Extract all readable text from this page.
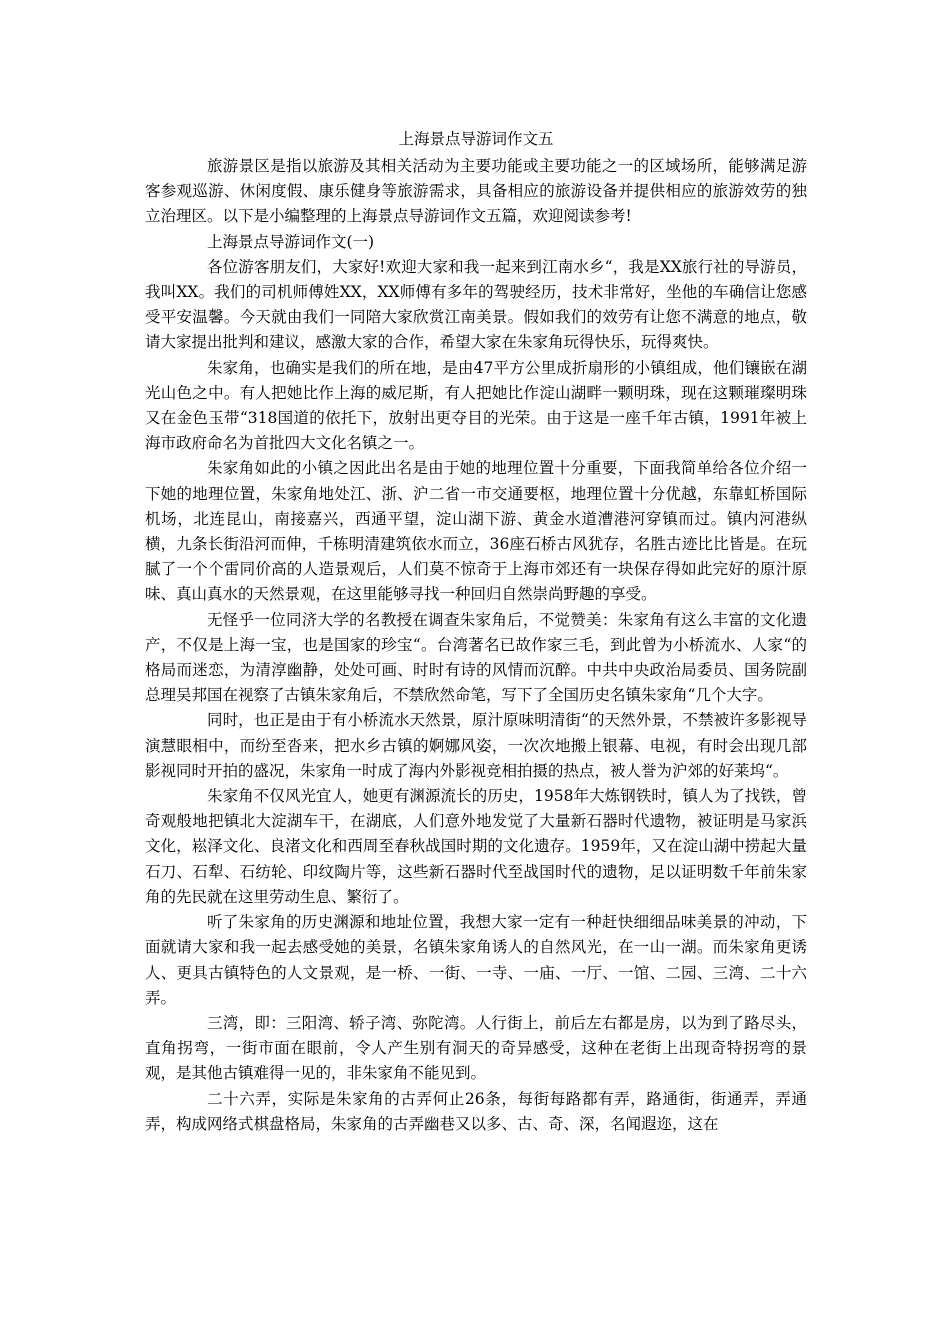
上海景点导游词作文五

旅游景区是指以旅游及其相关活动为主要功能或主要功能之一的区域场所，能够满足游客参观巡游、休闲度假、康乐健身等旅游需求，具备相应的旅游设备并提供相应的旅游效劳的独立治理区。以下是小编整理的上海景点导游词作文五篇，欢迎阅读参考!

上海景点导游词作文(一)

各位游客朋友们，大家好!欢迎大家和我一起来到江南水乡“，我是XX旅行社的导游员，我叫XX。我们的司机师傅姓XX，XX师傅有多年的驾驶经历，技术非常好，坐他的车确信让您感受平安温馨。今天就由我们一同陪大家欣赏江南美景。假如我们的效劳有让您不满意的地点，敬请大家提出批判和建议，感激大家的合作，希望大家在朱家角玩得快乐，玩得爽快。

朱家角，也确实是我们的所在地，是由47平方公里成折扇形的小镇组成，他们镶嵌在湖光山色之中。有人把她比作上海的威尼斯，有人把她比作淀山湖畔一颗明珠，现在这颗璀璨明珠又在金色玉带“318国道的依托下，放射出更夺目的光荣。由于这是一座千年古镇，1991年被上海市政府命名为首批四大文化名镇之一。

朱家角如此的小镇之因此出名是由于她的地理位置十分重要，下面我简单给各位介绍一下她的地理位置，朱家角地处江、浙、沪二省一市交通要枢，地理位置十分优越，东靠虹桥国际机场，北连昆山，南接嘉兴，西通平望，淀山湖下游、黄金水道漕港河穿镇而过。镇内河港纵横，九条长街沿河而伸，千栋明清建筑依水而立，36座石桥古风犹存，名胜古迹比比皆是。在玩腻了一个个雷同价高的人造景观后，人们莫不惊奇于上海市郊还有一块保存得如此完好的原汁原味、真山真水的天然景观，在这里能够寻找一种回归自然崇尚野趣的享受。

无怪乎一位同济大学的名教授在调查朱家角后，不觉赞美：朱家角有这么丰富的文化遗产，不仅是上海一宝，也是国家的珍宝“。台湾著名已故作家三毛，到此曾为小桥流水、人家“的格局而迷恋，为清淳幽静，处处可画、时时有诗的风情而沉醉。中共中央政治局委员、国务院副总理吴邦国在视察了古镇朱家角后，不禁欣然命笔，写下了全国历史名镇朱家角“几个大字。

同时，也正是由于有小桥流水天然景，原汁原味明清街“的天然外景，不禁被许多影视导演慧眼相中，而纷至沓来，把水乡古镇的婀娜风姿，一次次地搬上银幕、电视，有时会出现几部影视同时开拍的盛况，朱家角一时成了海内外影视竞相拍摄的热点，被人誉为沪郊的好莱坞“。

朱家角不仅风光宜人，她更有渊源流长的历史，1958年大炼钢铁时，镇人为了找铁，曾奇观般地把镇北大淀湖车干，在湖底，人们意外地发觉了大量新石器时代遗物，被证明是马家浜文化，崧泽文化、良渚文化和西周至春秋战国时期的文化遗存。1959年，又在淀山湖中捞起大量石刀、石犁、石纺轮、印纹陶片等，这些新石器时代至战国时代的遗物，足以证明数千年前朱家角的先民就在这里劳动生息、繁衍了。

听了朱家角的历史渊源和地址位置，我想大家一定有一种赶快细细品味美景的冲动，下面就请大家和我一起去感受她的美景，名镇朱家角诱人的自然风光，在一山一湖。而朱家角更诱人、更具古镇特色的人文景观，是一桥、一街、一寺、一庙、一厅、一馆、二园、三湾、二十六弄。

三湾，即：三阳湾、轿子湾、弥陀湾。人行街上，前后左右都是房，以为到了路尽头，直角拐弯，一街市面在眼前，令人产生别有洞天的奇异感受，这种在老街上出现奇特拐弯的景观，是其他古镇难得一见的，非朱家角不能见到。

二十六弄，实际是朱家角的古弄何止26条，每街每路都有弄，路通街，街通弄，弄通弄，构成网络式棋盘格局，朱家角的古弄幽巷又以多、古、奇、深，名闻遐迩，这在
